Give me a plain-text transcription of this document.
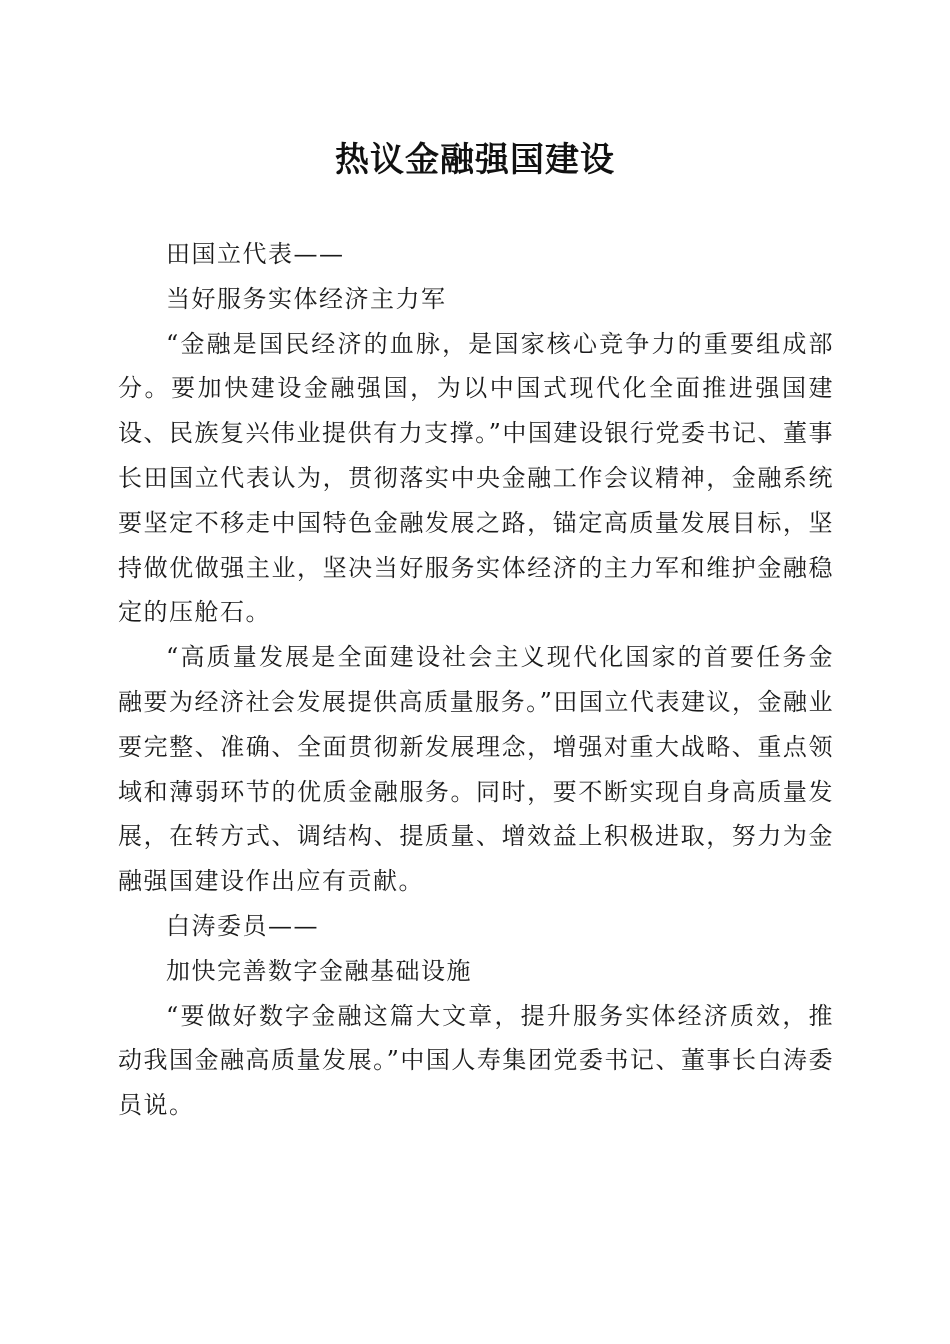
热议金融强国建设

田国立代表——

当好服务实体经济主力军

“金融是国民经济的血脉，是国家核心竞争力的重要组成部分。要加快建设金融强国，为以中国式现代化全面推进强国建设、民族复兴伟业提供有力支撑。”中国建设银行党委书记、董事长田国立代表认为，贯彻落实中央金融工作会议精神，金融系统要坚定不移走中国特色金融发展之路，锚定高质量发展目标，坚持做优做强主业，坚决当好服务实体经济的主力军和维护金融稳定的压舱石。

“高质量发展是全面建设社会主义现代化国家的首要任务金融要为经济社会发展提供高质量服务。”田国立代表建议，金融业要完整、准确、全面贯彻新发展理念，增强对重大战略、重点领域和薄弱环节的优质金融服务。同时，要不断实现自身高质量发展，在转方式、调结构、提质量、增效益上积极进取，努力为金融强国建设作出应有贡献。

白涛委员——

加快完善数字金融基础设施

“要做好数字金融这篇大文章，提升服务实体经济质效，推动我国金融高质量发展。”中国人寿集团党委书记、董事长白涛委员说。
